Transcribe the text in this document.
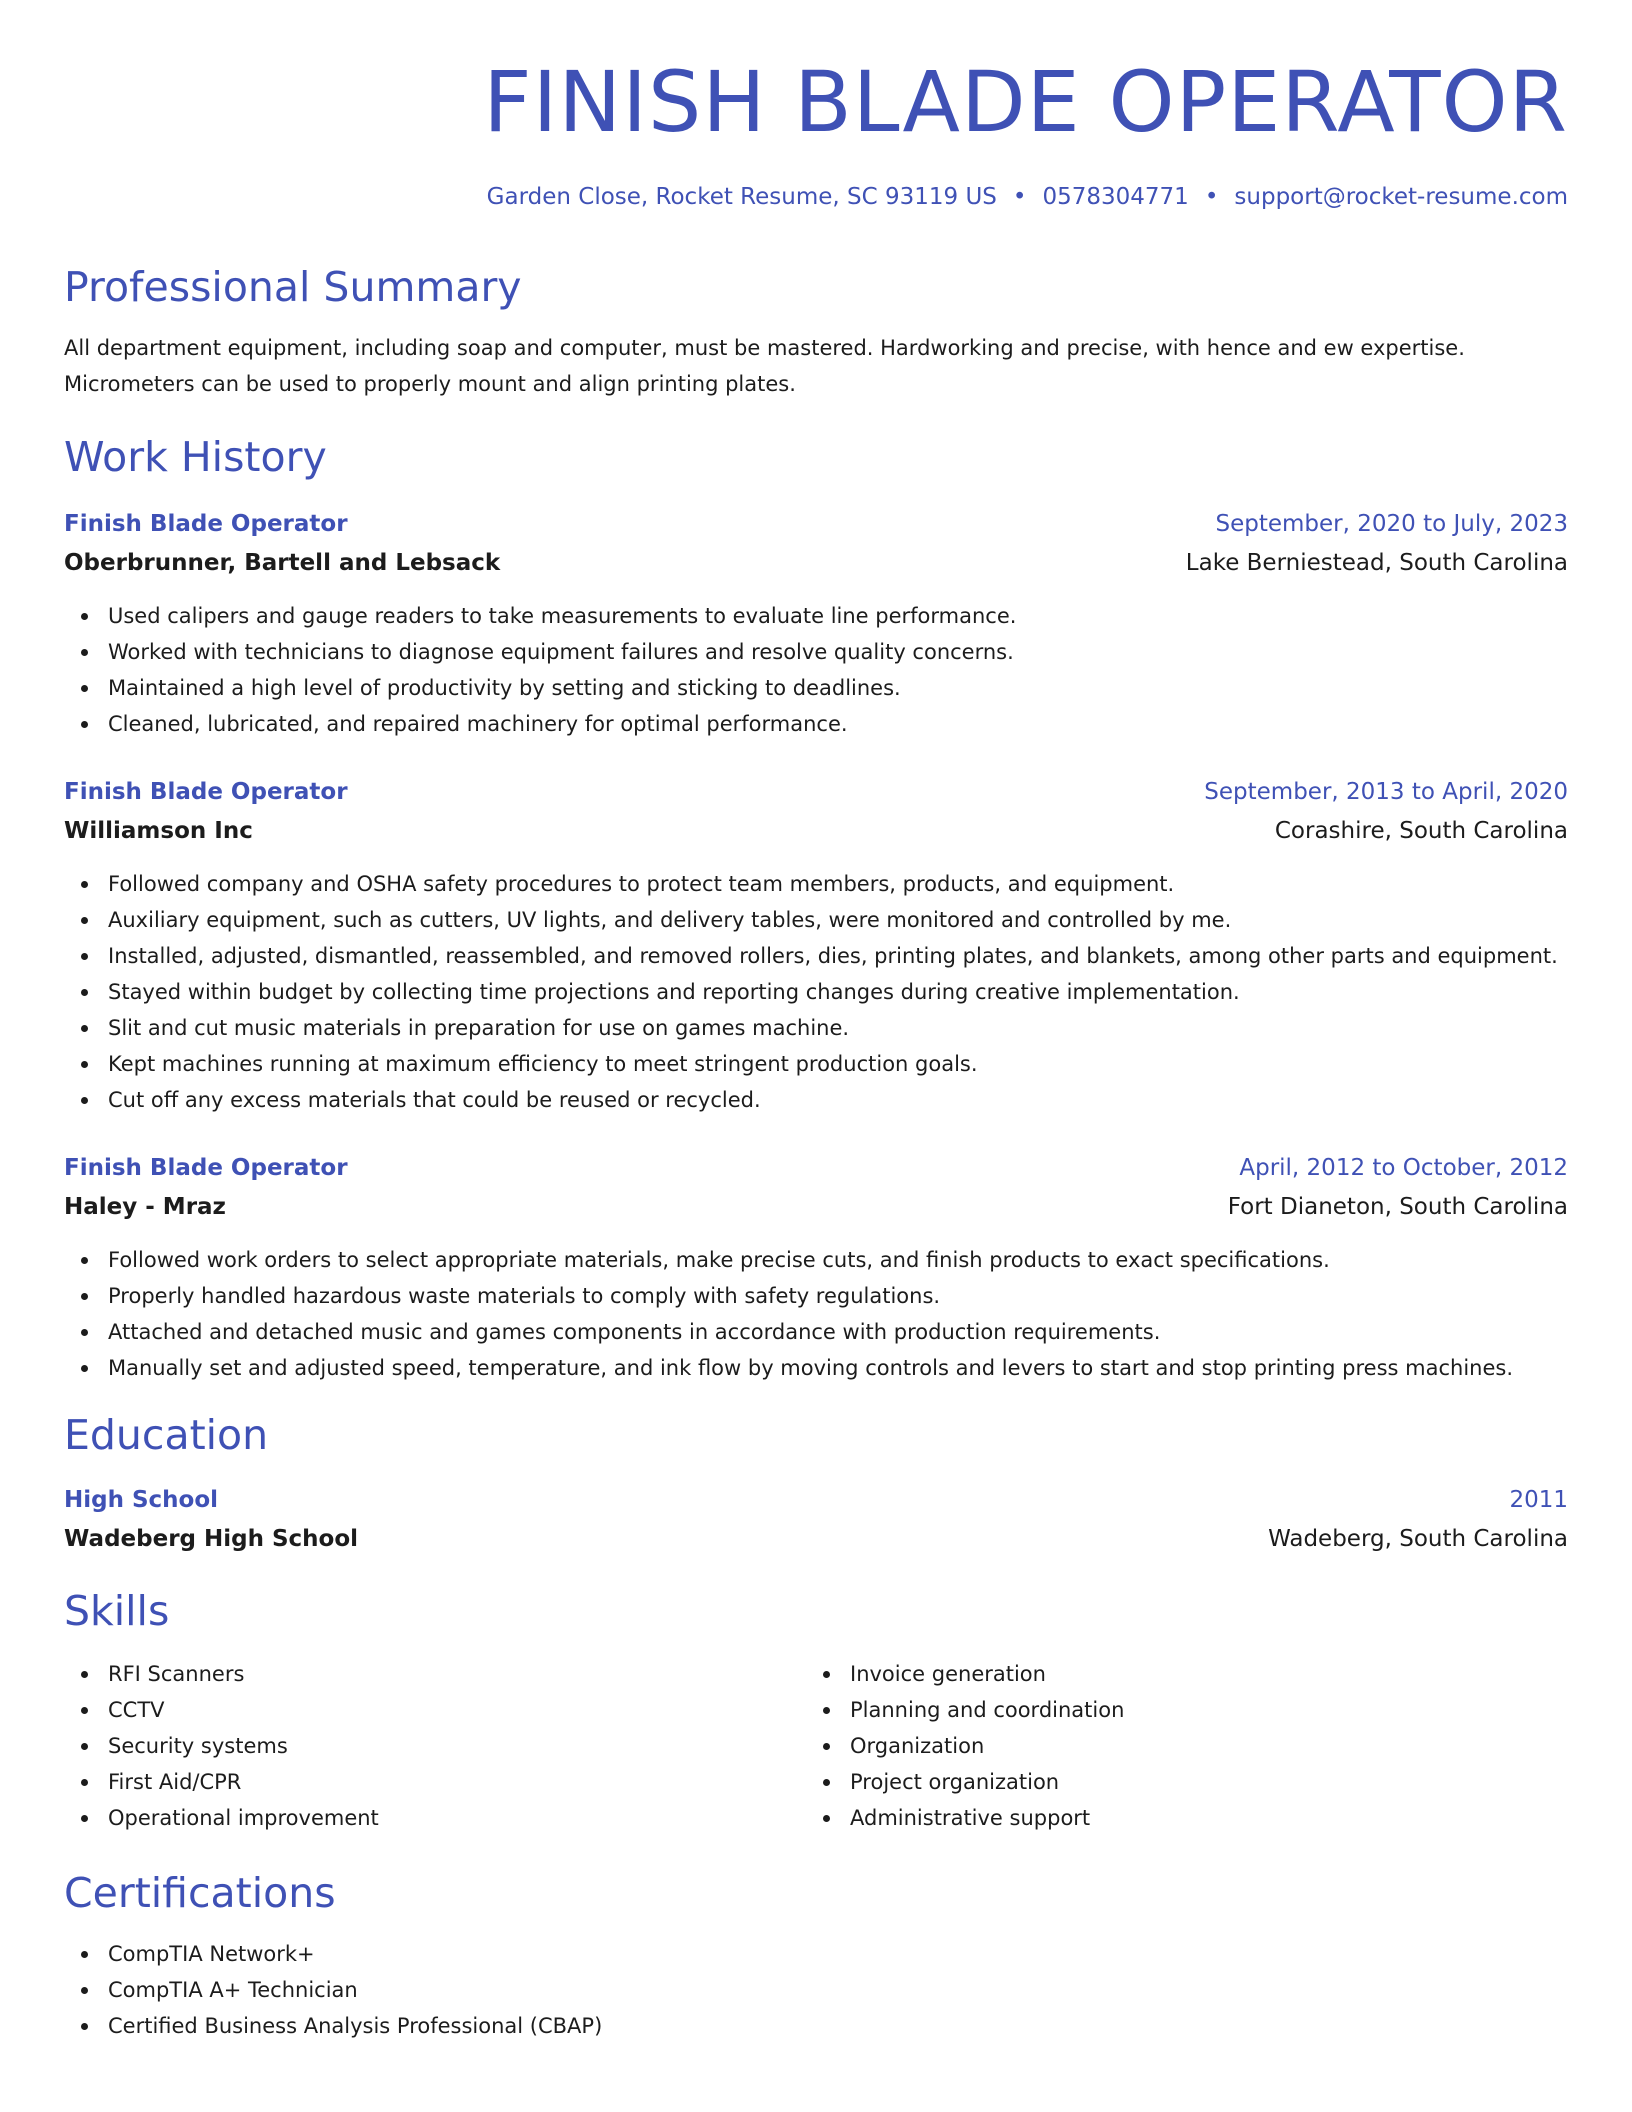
FINISH BLADE OPERATOR
Garden Close, Rocket Resume, SC 93119 US • 0578304771 • support@rocket-resume.com
Professional Summary
All department equipment, including soap and computer, must be mastered. Hardworking and precise, with hence and ew expertise.
Micrometers can be used to properly mount and align printing plates.
Work History
Finish Blade Operator	September, 2020 to July, 2023
Oberbrunner, Bartell and Lebsack	Lake Berniestead, South Carolina
Used calipers and gauge readers to take measurements to evaluate line performance.
Worked with technicians to diagnose equipment failures and resolve quality concerns.
Maintained a high level of productivity by setting and sticking to deadlines.
Cleaned, lubricated, and repaired machinery for optimal performance.
Finish Blade Operator	September, 2013 to April, 2020
Williamson Inc	Corashire, South Carolina
Followed company and OSHA safety procedures to protect team members, products, and equipment.
Auxiliary equipment, such as cutters, UV lights, and delivery tables, were monitored and controlled by me.
Installed, adjusted, dismantled, reassembled, and removed rollers, dies, printing plates, and blankets, among other parts and equipment.
Stayed within budget by collecting time projections and reporting changes during creative implementation.
Slit and cut music materials in preparation for use on games machine.
Kept machines running at maximum efficiency to meet stringent production goals.
Cut off any excess materials that could be reused or recycled.
Finish Blade Operator	April, 2012 to October, 2012
Haley - Mraz	Fort Dianeton, South Carolina
Followed work orders to select appropriate materials, make precise cuts, and finish products to exact specifications.
Properly handled hazardous waste materials to comply with safety regulations.
Attached and detached music and games components in accordance with production requirements.
Manually set and adjusted speed, temperature, and ink flow by moving controls and levers to start and stop printing press machines.
Education
High School	2011
Wadeberg High School	Wadeberg, South Carolina
Skills
RFI Scanners
CCTV
Security systems
First Aid/CPR
Operational improvement
Invoice generation
Planning and coordination
Organization
Project organization
Administrative support
Certifications
CompTIA Network+
CompTIA A+ Technician
Certified Business Analysis Professional (CBAP)
